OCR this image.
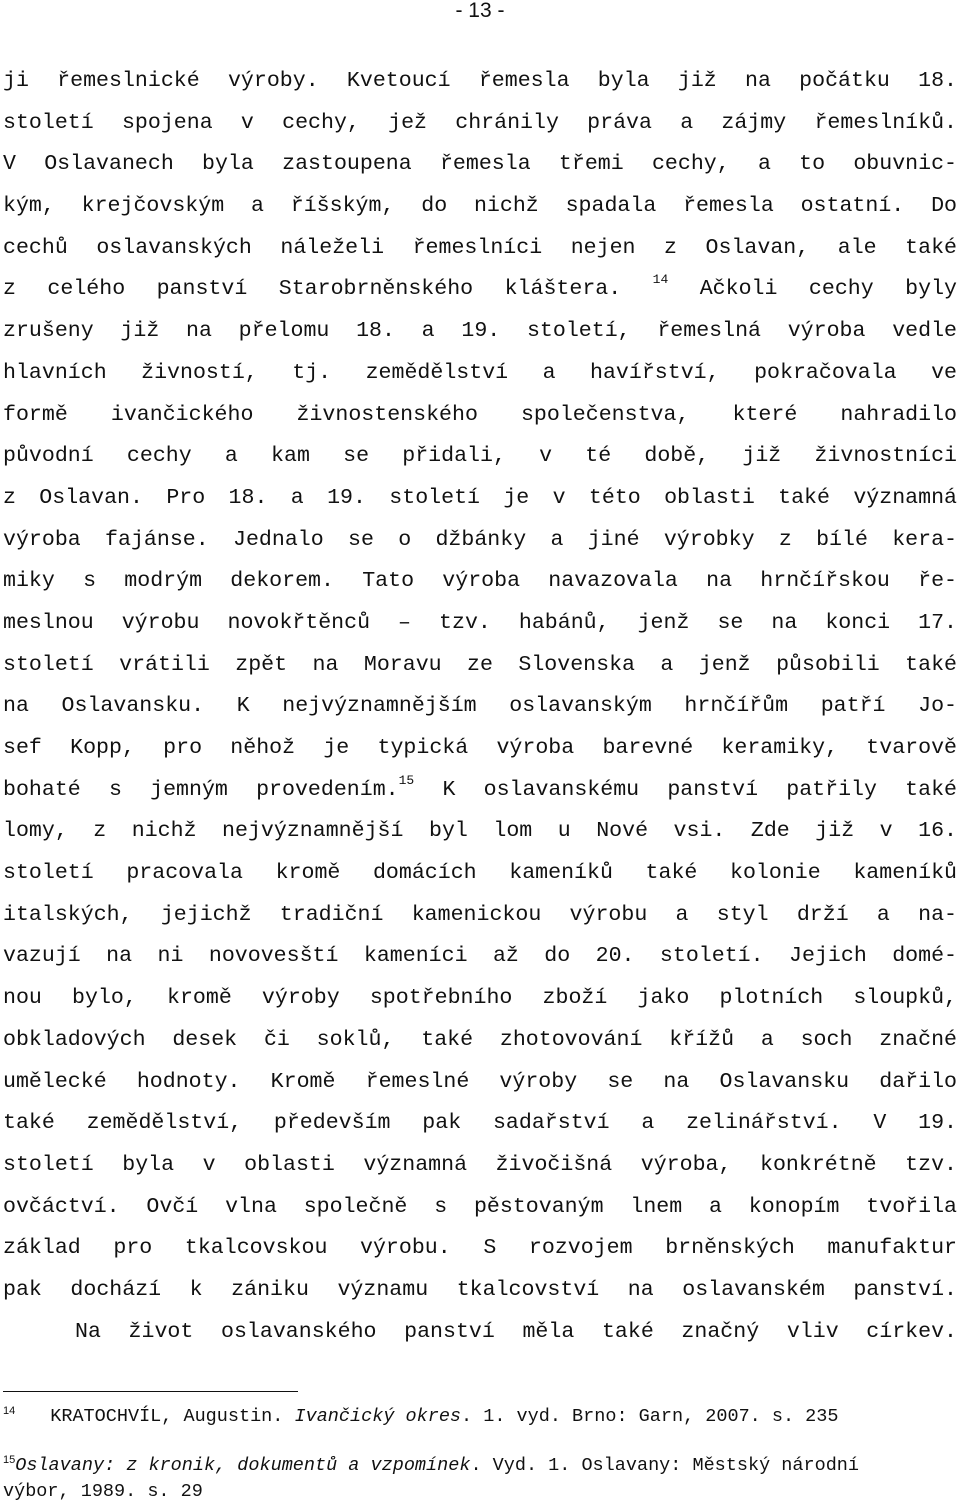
- 13 -
ji řemeslnické výroby. Kvetoucí řemesla byla již na počátku 18.
století spojena v cechy, jež chránily práva a zájmy řemeslníků.
V Oslavanech byla zastoupena řemesla třemi cechy, a to obuvnic-
kým, krejčovským a říšským, do nichž spadala řemesla ostatní. Do
cechů oslavanských náleželi řemeslníci nejen z Oslavan, ale také
z celého panství Starobrněnského kláštera. $^{14}$ Ačkoli cechy byly
zrušeny již na přelomu 18. a 19. století, řemeslná výroba vedle
hlavních živností, tj. zemědělství a havířství, pokračovala ve
formě ivančického živnostenského společenstva, které nahradilo
původní cechy a kam se přidali, v té době, již živnostníci
z Oslavan. Pro 18. a 19. století je v této oblasti také významná
výroba fajánse. Jednalo se o džbánky a jiné výrobky z bílé kera-
miky s modrým dekorem. Tato výroba navazovala na hrnčířskou ře-
meslnou výrobu novokřtěnců – tzv. habánů, jenž se na konci 17.
století vrátili zpět na Moravu ze Slovenska a jenž působili také
na Oslavansku. K nejvýznamnějším oslavanským hrnčířům patří Jo-
sef Kopp, pro něhož je typická výroba barevné keramiky, tvarově
bohaté s jemným provedením.$^{15}$ K oslavanskému panství patřily také
lomy, z nichž nejvýznamnější byl lom u Nové vsi. Zde již v 16.
století pracovala kromě domácích kameníků také kolonie kameníků
italských, jejichž tradiční kamenickou výrobu a styl drží a na-
vazují na ni novovesští kameníci až do 20. století. Jejich domé-
nou bylo, kromě výroby spotřebního zboží jako plotních sloupků,
obkladových desek či soklů, také zhotovování křížů a soch značné
umělecké hodnoty. Kromě řemeslné výroby se na Oslavansku dařilo
také zemědělství, především pak sadařství a zelinářství. V 19.
století byla v oblasti významná živočišná výroba, konkrétně tzv.
ovčáctví. Ovčí vlna společně s pěstovaným lnem a konopím tvořila
základ pro tkalcovskou výrobu. S rozvojem brněnských manufaktur
pak dochází k zániku významu tkalcovství na oslavanském panství.
Na život oslavanského panství měla také značný vliv církev.
$^{14}$ KRATOCHVÍL, Augustin. Ivančický okres. 1. vyd. Brno: Garn, 2007. s. 235
$^{15}$Oslavany: z kronik, dokumentů a vzpomínek. Vyd. 1. Oslavany: Městský národní
výbor, 1989. s. 29
